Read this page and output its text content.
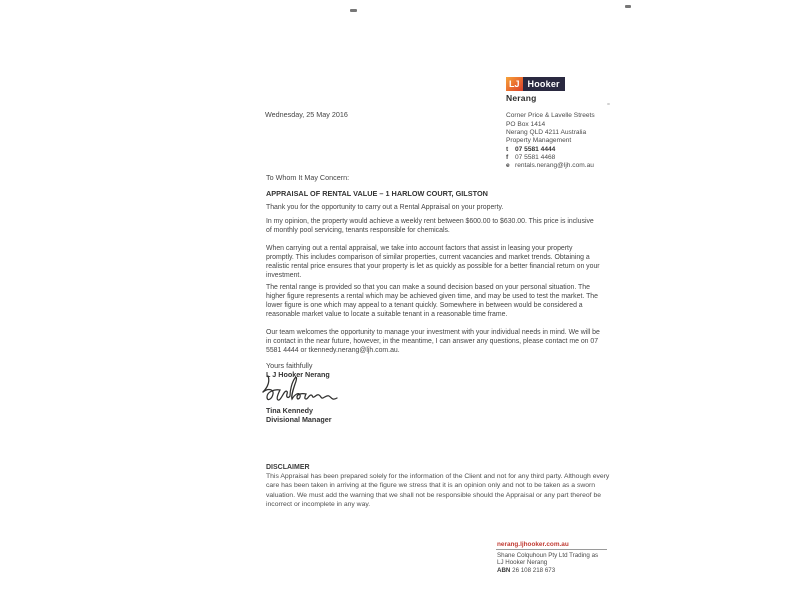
LJ Hooker
Nerang
Corner Price & Lavelle Streets
PO Box 1414
Nerang QLD 4211 Australia
Property Management
t	07 5581 4444
f	07 5581 4468
e rentals.nerang@ljh.com.au
Wednesday, 25 May 2016
To Whom It May Concern:
APPRAISAL OF RENTAL VALUE – 1 HARLOW COURT, GILSTON

Thank you for the opportunity to carry out a Rental Appraisal on your property.

In my opinion, the property would achieve a weekly rent between $600.00 to $630.00. This price is inclusive of monthly pool servicing, tenants responsible for chemicals.

When carrying out a rental appraisal, we take into account factors that assist in leasing your property promptly. This includes comparison of similar properties, current vacancies and market trends. Obtaining a realistic rental price ensures that your property is let as quickly as possible for a better financial return on your investment.

The rental range is provided so that you can make a sound decision based on your personal situation. The higher figure represents a rental which may be achieved given time, and may be used to test the market. The lower figure is one which may appeal to a tenant quickly. Somewhere in between would be considered a reasonable market value to locate a suitable tenant in a reasonable time frame.

Our team welcomes the opportunity to manage your investment with your individual needs in mind. We will be in contact in the near future, however, in the meantime, I can answer any questions, please contact me on 07 5581 4444 or tkennedy.nerang@ljh.com.au.

Yours faithfully
L J Hooker Nerang
Tina Kennedy
Divisional Manager
DISCLAIMER

This Appraisal has been prepared solely for the information of the Client and not for any third party. Although every care has been taken in arriving at the figure we stress that it is an opinion only and not to be taken as a sworn valuation. We must add the warning that we shall not be responsible should the Appraisal or any part thereof be incorrect or incomplete in any way.

nerang.ljhooker.com.au
Shane Colquhoun Pty Ltd Trading as
LJ Hooker Nerang
ABN 26 108 218 673
